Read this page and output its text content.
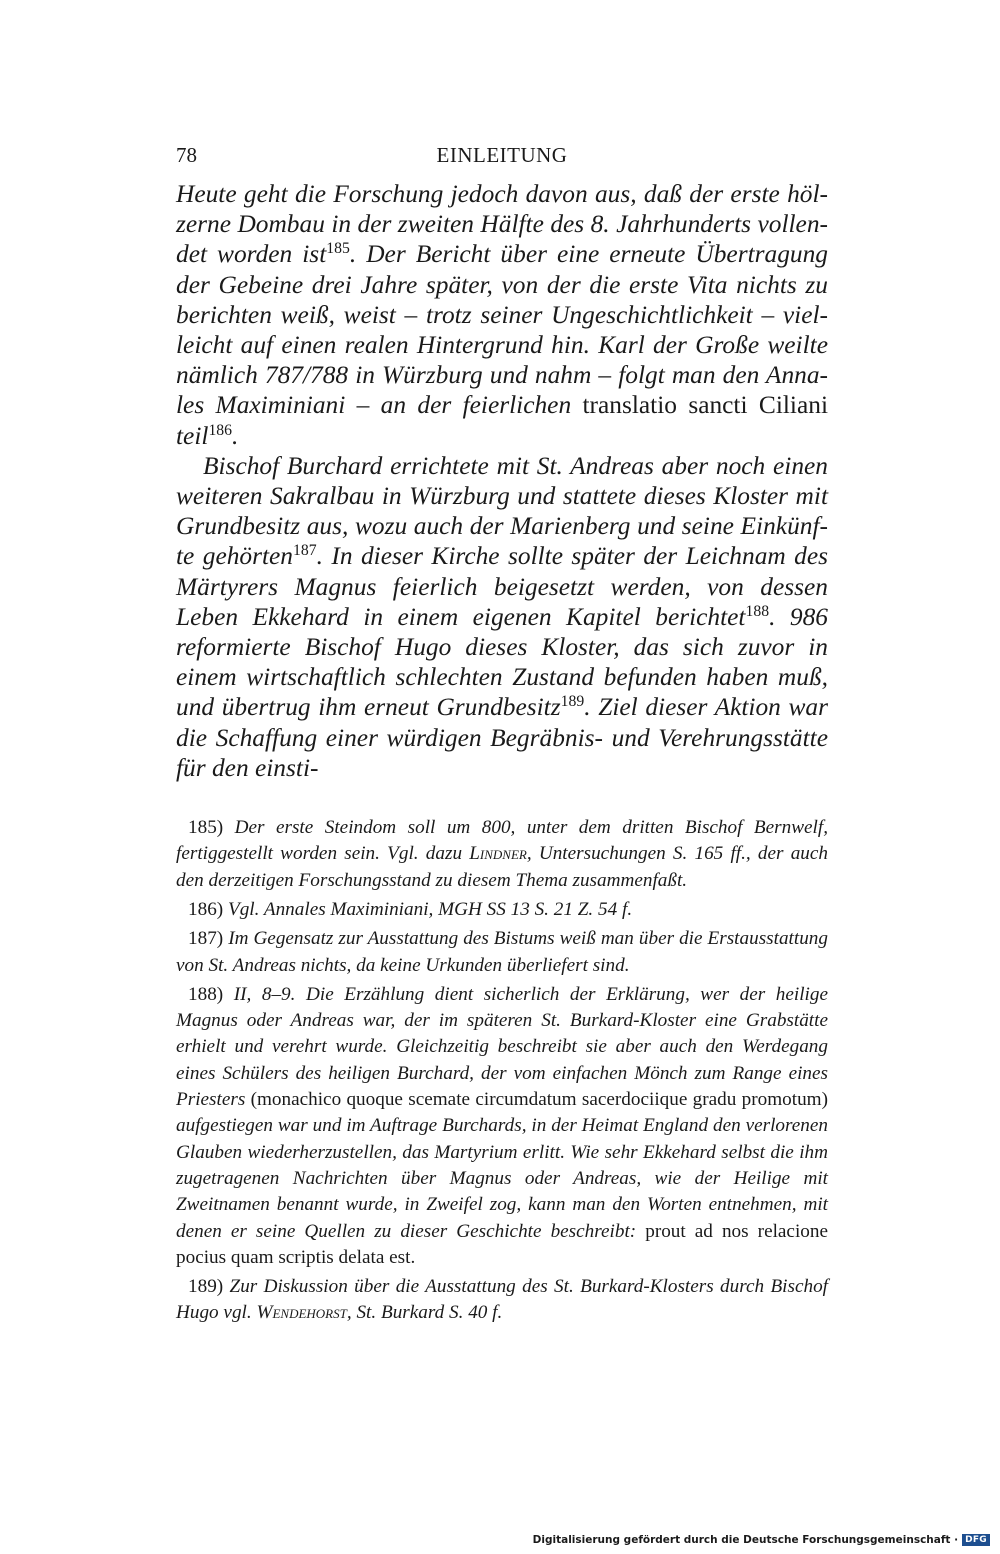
78	EINLEITUNG

Heute geht die Forschung jedoch davon aus, daß der erste hölzerne Dombau in der zweiten Hälfte des 8. Jahrhunderts vollendet worden ist$^{185}$. Der Bericht über eine erneute Übertragung der Gebeine drei Jahre später, von der die erste Vita nichts zu berichten weiß, weist – trotz seiner Ungeschichtlichkeit – vielleicht auf einen realen Hintergrund hin. Karl der Große weilte nämlich 787/788 in Würzburg und nahm – folgt man den Annales Maximiniani – an der feierlichen translatio sancti Ciliani teil$^{186}$.

Bischof Burchard errichtete mit St. Andreas aber noch einen weiteren Sakralbau in Würzburg und stattete dieses Kloster mit Grundbesitz aus, wozu auch der Marienberg und seine Einkünfte gehörten$^{187}$. In dieser Kirche sollte später der Leichnam des Märtyrers Magnus feierlich beigesetzt werden, von dessen Leben Ekkehard in einem eigenen Kapitel berichtet$^{188}$. 986 reformierte Bischof Hugo dieses Kloster, das sich zuvor in einem wirtschaftlich schlechten Zustand befunden haben muß, und übertrug ihm erneut Grundbesitz$^{189}$. Ziel dieser Aktion war die Schaffung einer würdigen Begräbnis- und Verehrungsstätte für den einsti-

185) Der erste Steindom soll um 800, unter dem dritten Bischof Bernwelf, fertiggestellt worden sein. Vgl. dazu Lindner, Untersuchungen S. 165 ff., der auch den derzeitigen Forschungsstand zu diesem Thema zusammenfaßt.

186) Vgl. Annales Maximiniani, MGH SS 13 S. 21 Z. 54 f.

187) Im Gegensatz zur Ausstattung des Bistums weiß man über die Erstausstattung von St. Andreas nichts, da keine Urkunden überliefert sind.

188) II, 8–9. Die Erzählung dient sicherlich der Erklärung, wer der heilige Magnus oder Andreas war, der im späteren St. Burkard-Kloster eine Grabstätte erhielt und verehrt wurde. Gleichzeitig beschreibt sie aber auch den Werdegang eines Schülers des heiligen Burchard, der vom einfachen Mönch zum Range eines Priesters (monachico quoque scemate circumdatum sacerdociique gradu promotum) aufgestiegen war und im Auftrage Burchards, in der Heimat England den verlorenen Glauben wiederherzustellen, das Martyrium erlitt. Wie sehr Ekkehard selbst die ihm zugetragenen Nachrichten über Magnus oder Andreas, wie der Heilige mit Zweitnamen benannt wurde, in Zweifel zog, kann man den Worten entnehmen, mit denen er seine Quellen zu dieser Geschichte beschreibt: prout ad nos relacione pocius quam scriptis delata est.

189) Zur Diskussion über die Ausstattung des St. Burkard-Klosters durch Bischof Hugo vgl. Wendehorst, St. Burkard S. 40 f.

Digitalisierung gefördert durch die Deutsche Forschungsgemeinschaft · DFG
